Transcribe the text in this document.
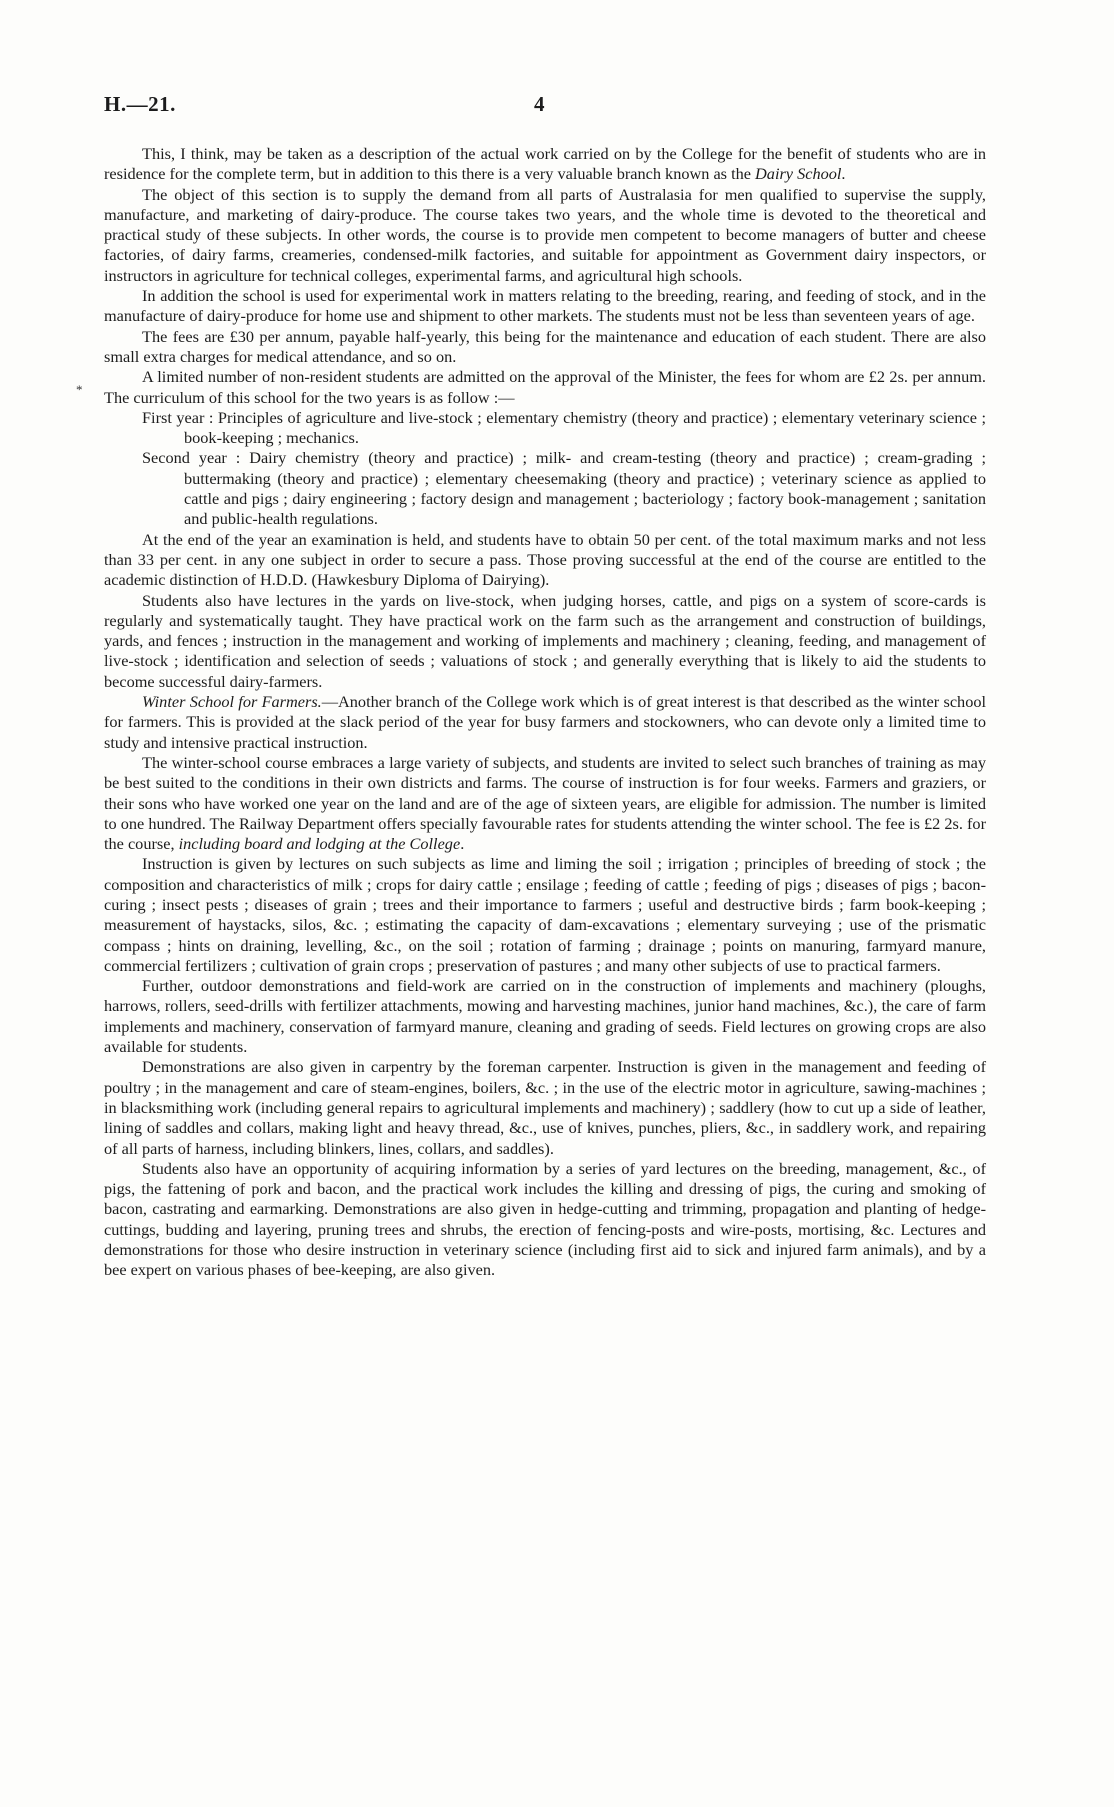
H.—21.	4
*

This, I think, may be taken as a description of the actual work carried on by the College for the benefit of students who are in residence for the complete term, but in addition to this there is a very valuable branch known as the Dairy School.

The object of this section is to supply the demand from all parts of Australasia for men qualified to supervise the supply, manufacture, and marketing of dairy-produce. The course takes two years, and the whole time is devoted to the theoretical and practical study of these subjects. In other words, the course is to provide men competent to become managers of butter and cheese factories, of dairy farms, creameries, condensed-milk factories, and suitable for appointment as Government dairy inspectors, or instructors in agriculture for technical colleges, experimental farms, and agricultural high schools.

In addition the school is used for experimental work in matters relating to the breeding, rearing, and feeding of stock, and in the manufacture of dairy-produce for home use and shipment to other markets. The students must not be less than seventeen years of age.

The fees are £30 per annum, payable half-yearly, this being for the maintenance and education of each student. There are also small extra charges for medical attendance, and so on.

A limited number of non-resident students are admitted on the approval of the Minister, the fees for whom are £2 2s. per annum. The curriculum of this school for the two years is as follow :—

First year : Principles of agriculture and live-stock ; elementary chemistry (theory and practice) ; elementary veterinary science ; book-keeping ; mechanics.

Second year : Dairy chemistry (theory and practice) ; milk- and cream-testing (theory and practice) ; cream-grading ; buttermaking (theory and practice) ; elementary cheesemaking (theory and practice) ; veterinary science as applied to cattle and pigs ; dairy engineering ; factory design and management ; bacteriology ; factory book-management ; sanitation and public-health regulations.

At the end of the year an examination is held, and students have to obtain 50 per cent. of the total maximum marks and not less than 33 per cent. in any one subject in order to secure a pass. Those proving successful at the end of the course are entitled to the academic distinction of H.D.D. (Hawkesbury Diploma of Dairying).

Students also have lectures in the yards on live-stock, when judging horses, cattle, and pigs on a system of score-cards is regularly and systematically taught. They have practical work on the farm such as the arrangement and construction of buildings, yards, and fences ; instruction in the management and working of implements and machinery ; cleaning, feeding, and management of live-stock ; identification and selection of seeds ; valuations of stock ; and generally everything that is likely to aid the students to become successful dairy-farmers.

Winter School for Farmers.—Another branch of the College work which is of great interest is that described as the winter school for farmers. This is provided at the slack period of the year for busy farmers and stockowners, who can devote only a limited time to study and intensive practical instruction.

The winter-school course embraces a large variety of subjects, and students are invited to select such branches of training as may be best suited to the conditions in their own districts and farms. The course of instruction is for four weeks. Farmers and graziers, or their sons who have worked one year on the land and are of the age of sixteen years, are eligible for admission. The number is limited to one hundred. The Railway Department offers specially favourable rates for students attending the winter school. The fee is £2 2s. for the course, including board and lodging at the College.

Instruction is given by lectures on such subjects as lime and liming the soil ; irrigation ; principles of breeding of stock ; the composition and characteristics of milk ; crops for dairy cattle ; ensilage ; feeding of cattle ; feeding of pigs ; diseases of pigs ; bacon-curing ; insect pests ; diseases of grain ; trees and their importance to farmers ; useful and destructive birds ; farm book-keeping ; measurement of haystacks, silos, &c. ; estimating the capacity of dam-excavations ; elementary surveying ; use of the prismatic compass ; hints on draining, levelling, &c., on the soil ; rotation of farming ; drainage ; points on manuring, farmyard manure, commercial fertilizers ; cultivation of grain crops ; preservation of pastures ; and many other subjects of use to practical farmers.

Further, outdoor demonstrations and field-work are carried on in the construction of implements and machinery (ploughs, harrows, rollers, seed-drills with fertilizer attachments, mowing and harvesting machines, junior hand machines, &c.), the care of farm implements and machinery, conservation of farmyard manure, cleaning and grading of seeds. Field lectures on growing crops are also available for students.

Demonstrations are also given in carpentry by the foreman carpenter. Instruction is given in the management and feeding of poultry ; in the management and care of steam-engines, boilers, &c. ; in the use of the electric motor in agriculture, sawing-machines ; in blacksmithing work (including general repairs to agricultural implements and machinery) ; saddlery (how to cut up a side of leather, lining of saddles and collars, making light and heavy thread, &c., use of knives, punches, pliers, &c., in saddlery work, and repairing of all parts of harness, including blinkers, lines, collars, and saddles).

Students also have an opportunity of acquiring information by a series of yard lectures on the breeding, management, &c., of pigs, the fattening of pork and bacon, and the practical work includes the killing and dressing of pigs, the curing and smoking of bacon, castrating and earmarking. Demonstrations are also given in hedge-cutting and trimming, propagation and planting of hedge-cuttings, budding and layering, pruning trees and shrubs, the erection of fencing-posts and wire-posts, mortising, &c. Lectures and demonstrations for those who desire instruction in veterinary science (including first aid to sick and injured farm animals), and by a bee expert on various phases of bee-keeping, are also given.
